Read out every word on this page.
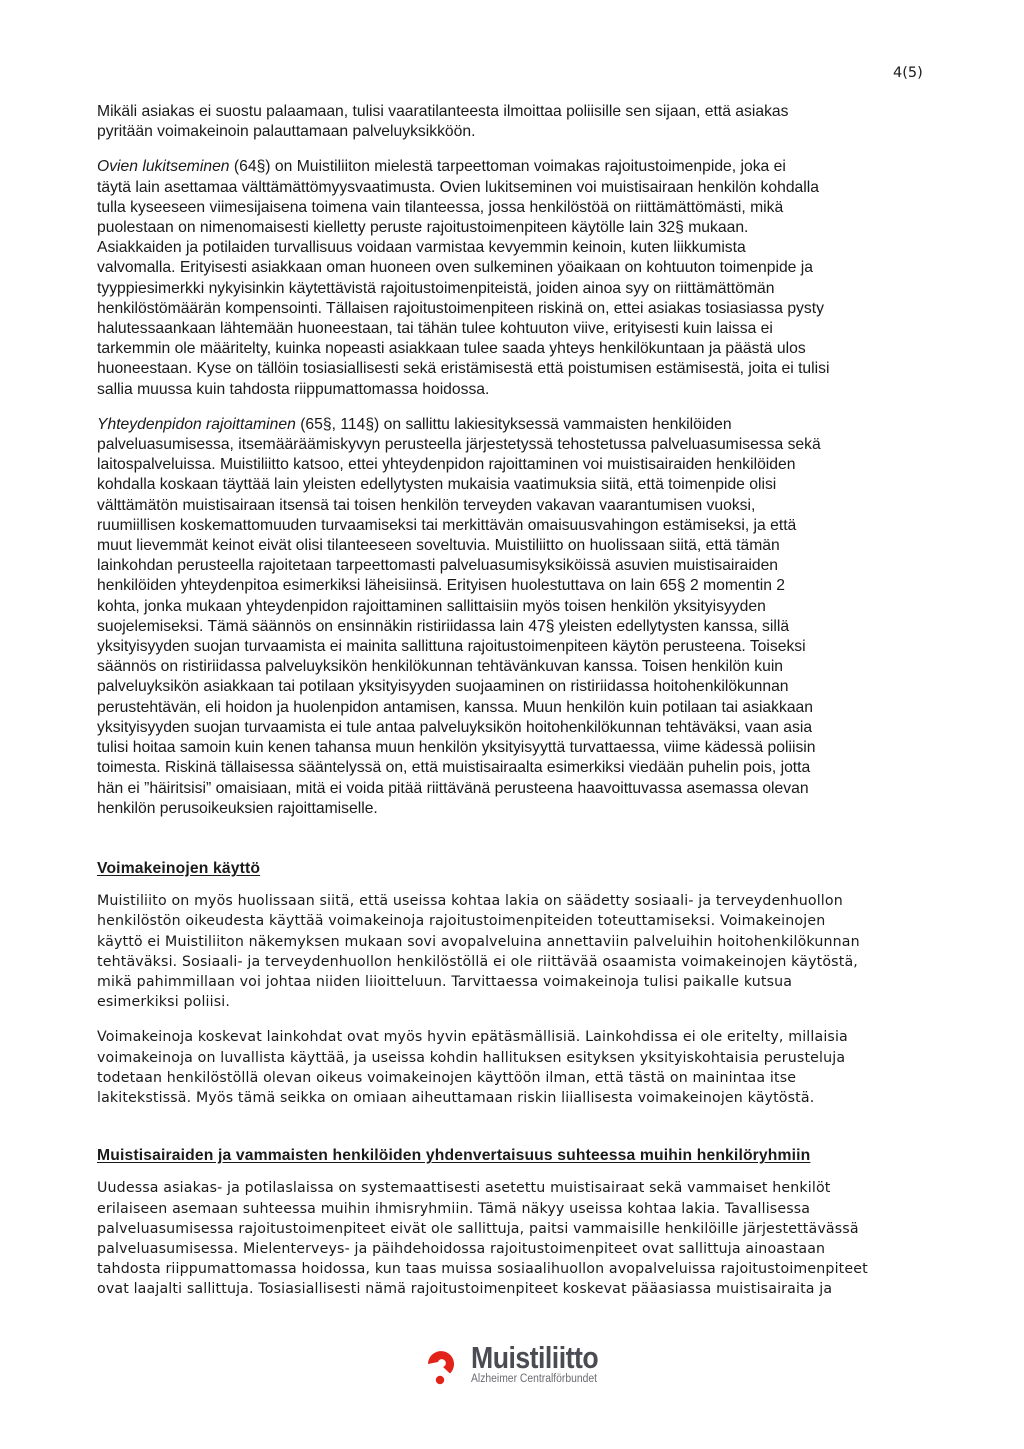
4(5)

Mikäli asiakas ei suostu palaamaan, tulisi vaaratilanteesta ilmoittaa poliisille sen sijaan, että asiakas
pyritään voimakeinoin palauttamaan palveluyksikköön.

Ovien lukitseminen (64§) on Muistiliiton mielestä tarpeettoman voimakas rajoitustoimenpide, joka ei
täytä lain asettamaa välttämättömyysvaatimusta. Ovien lukitseminen voi muistisairaan henkilön kohdalla
tulla kyseeseen viimesijaisena toimena vain tilanteessa, jossa henkilöstöä on riittämättömästi, mikä
puolestaan on nimenomaisesti kielletty peruste rajoitustoimenpiteen käytölle lain 32§ mukaan.
Asiakkaiden ja potilaiden turvallisuus voidaan varmistaa kevyemmin keinoin, kuten liikkumista
valvomalla. Erityisesti asiakkaan oman huoneen oven sulkeminen yöaikaan on kohtuuton toimenpide ja
tyyppiesimerkki nykyisinkin käytettävistä rajoitustoimenpiteistä, joiden ainoa syy on riittämättömän
henkilöstömäärän kompensointi. Tällaisen rajoitustoimenpiteen riskinä on, ettei asiakas tosiasiassa pysty
halutessaankaan lähtemään huoneestaan, tai tähän tulee kohtuuton viive, erityisesti kuin laissa ei
tarkemmin ole määritelty, kuinka nopeasti asiakkaan tulee saada yhteys henkilökuntaan ja päästä ulos
huoneestaan. Kyse on tällöin tosiasiallisesti sekä eristämisestä että poistumisen estämisestä, joita ei tulisi
sallia muussa kuin tahdosta riippumattomassa hoidossa.

Yhteydenpidon rajoittaminen (65§, 114§) on sallittu lakiesityksessä vammaisten henkilöiden
palveluasumisessa, itsemääräämiskyvyn perusteella järjestetyssä tehostetussa palveluasumisessa sekä
laitospalveluissa. Muistiliitto katsoo, ettei yhteydenpidon rajoittaminen voi muistisairaiden henkilöiden
kohdalla koskaan täyttää lain yleisten edellytysten mukaisia vaatimuksia siitä, että toimenpide olisi
välttämätön muistisairaan itsensä tai toisen henkilön terveyden vakavan vaarantumisen vuoksi,
ruumiillisen koskemattomuuden turvaamiseksi tai merkittävän omaisuusvahingon estämiseksi, ja että
muut lievemmät keinot eivät olisi tilanteeseen soveltuvia. Muistiliitto on huolissaan siitä, että tämän
lainkohdan perusteella rajoitetaan tarpeettomasti palveluasumisyksiköissä asuvien muistisairaiden
henkilöiden yhteydenpitoa esimerkiksi läheisiinsä. Erityisen huolestuttava on lain 65§ 2 momentin 2
kohta, jonka mukaan yhteydenpidon rajoittaminen sallittaisiin myös toisen henkilön yksityisyyden
suojelemiseksi. Tämä säännös on ensinnäkin ristiriidassa lain 47§ yleisten edellytysten kanssa, sillä
yksityisyyden suojan turvaamista ei mainita sallittuna rajoitustoimenpiteen käytön perusteena. Toiseksi
säännös on ristiriidassa palveluyksikön henkilökunnan tehtävänkuvan kanssa. Toisen henkilön kuin
palveluyksikön asiakkaan tai potilaan yksityisyyden suojaaminen on ristiriidassa hoitohenkilökunnan
perustehtävän, eli hoidon ja huolenpidon antamisen, kanssa. Muun henkilön kuin potilaan tai asiakkaan
yksityisyyden suojan turvaamista ei tule antaa palveluyksikön hoitohenkilökunnan tehtäväksi, vaan asia
tulisi hoitaa samoin kuin kenen tahansa muun henkilön yksityisyyttä turvattaessa, viime kädessä poliisin
toimesta. Riskinä tällaisessa sääntelyssä on, että muistisairaalta esimerkiksi viedään puhelin pois, jotta
hän ei ”häiritsisi” omaisiaan, mitä ei voida pitää riittävänä perusteena haavoittuvassa asemassa olevan
henkilön perusoikeuksien rajoittamiselle.

Voimakeinojen käyttö

Muistiliito on myös huolissaan siitä, että useissa kohtaa lakia on säädetty sosiaali- ja terveydenhuollon
henkilöstön oikeudesta käyttää voimakeinoja rajoitustoimenpiteiden toteuttamiseksi. Voimakeinojen
käyttö ei Muistiliiton näkemyksen mukaan sovi avopalveluina annettaviin palveluihin hoitohenkilökunnan
tehtäväksi. Sosiaali- ja terveydenhuollon henkilöstöllä ei ole riittävää osaamista voimakeinojen käytöstä,
mikä pahimmillaan voi johtaa niiden liioitteluun. Tarvittaessa voimakeinoja tulisi paikalle kutsua
esimerkiksi poliisi.

Voimakeinoja koskevat lainkohdat ovat myös hyvin epätäsmällisiä. Lainkohdissa ei ole eritelty, millaisia
voimakeinoja on luvallista käyttää, ja useissa kohdin hallituksen esityksen yksityiskohtaisia perusteluja
todetaan henkilöstöllä olevan oikeus voimakeinojen käyttöön ilman, että tästä on mainintaa itse
lakitekstissä. Myös tämä seikka on omiaan aiheuttamaan riskin liiallisesta voimakeinojen käytöstä.

Muistisairaiden ja vammaisten henkilöiden yhdenvertaisuus suhteessa muihin henkilöryhmiin

Uudessa asiakas- ja potilaslaissa on systemaattisesti asetettu muistisairaat sekä vammaiset henkilöt
erilaiseen asemaan suhteessa muihin ihmisryhmiin. Tämä näkyy useissa kohtaa lakia. Tavallisessa
palveluasumisessa rajoitustoimenpiteet eivät ole sallittuja, paitsi vammaisille henkilöille järjestettävässä
palveluasumisessa. Mielenterveys- ja päihdehoidossa rajoitustoimenpiteet ovat sallittuja ainoastaan
tahdosta riippumattomassa hoidossa, kun taas muissa sosiaalihuollon avopalveluissa rajoitustoimenpiteet
ovat laajalti sallittuja. Tosiasiallisesti nämä rajoitustoimenpiteet koskevat pääasiassa muistisairaita ja

Muistiliitto
Alzheimer Centralförbundet
